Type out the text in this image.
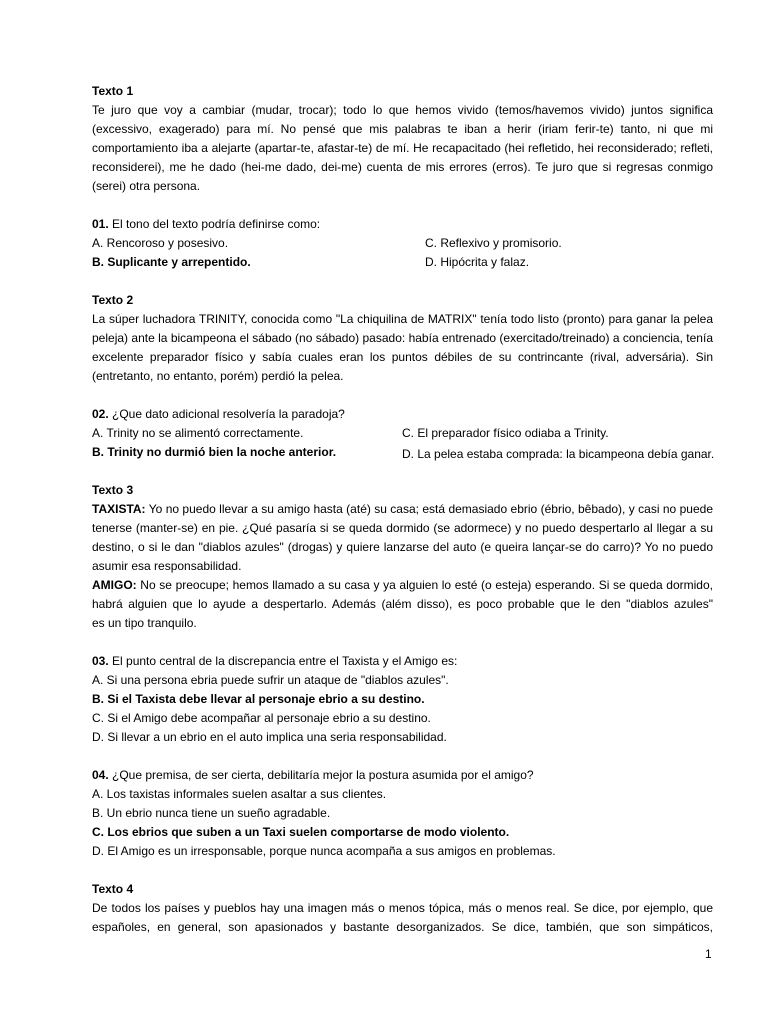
Texto 1
Te juro que voy a cambiar (mudar, trocar); todo lo que hemos vivido (temos/havemos vivido) juntos significa
(excessivo, exagerado) para mí. No pensé que mis palabras te iban a herir (iriam ferir-te) tanto, ni que mi
comportamiento iba a alejarte (apartar-te, afastar-te) de mí. He recapacitado (hei refletido, hei reconsiderado; refleti,
reconsiderei), me he dado (hei-me dado, dei-me) cuenta de mis errores (erros). Te juro que si regresas conmigo
(serei) otra persona.
01. El tono del texto podría definirse como:
A. Rencoroso y posesivo.	C. Reflexivo y promisorio.
B. Suplicante y arrepentido.	D. Hipócrita y falaz.
Texto 2
La súper luchadora TRINITY, conocida como "La chiquilina de MATRIX" tenía todo listo (pronto) para ganar la pelea
peleja) ante la bicampeona el sábado (no sábado) pasado: había entrenado (exercitado/treinado) a conciencia, tenía
excelente preparador físico y sabía cuales eran los puntos débiles de su contrincante (rival, adversária). Sin
(entretanto, no entanto, porém) perdió la pelea.
02. ¿Que dato adicional resolvería la paradoja?
A. Trinity no se alimentó correctamente.	C. El preparador físico odiaba a Trinity.
B. Trinity no durmió bien la noche anterior.	D. La pelea estaba comprada: la bicampeona debía ganar.
Texto 3
TAXISTA: Yo no puedo llevar a su amigo hasta (até) su casa; está demasiado ebrio (ébrio, bêbado), y casi no puede
tenerse (manter-se) en pie. ¿Qué pasaría si se queda dormido (se adormece) y no puedo despertarlo al llegar a su
destino, o si le dan "diablos azules" (drogas) y quiere lanzarse del auto (e queira lançar-se do carro)? Yo no puedo
asumir esa responsabilidad.
AMIGO: No se preocupe; hemos llamado a su casa y ya alguien lo esté (o esteja) esperando. Si se queda dormido,
habrá alguien que lo ayude a despertarlo. Además (além disso), es poco probable que le den "diablos azules"
es un tipo tranquilo.
03. El punto central de la discrepancia entre el Taxista y el Amigo es:
A. Si una persona ebria puede sufrir un ataque de "diablos azules".
B. Si el Taxista debe llevar al personaje ebrio a su destino.
C. Si el Amigo debe acompañar al personaje ebrio a su destino.
D. Si llevar a un ebrio en el auto implica una seria responsabilidad.
04. ¿Que premisa, de ser cierta, debilitaría mejor la postura asumida por el amigo?
A. Los taxistas informales suelen asaltar a sus clientes.
B. Un ebrio nunca tiene un sueño agradable.
C. Los ebrios que suben a un Taxi suelen comportarse de modo violento.
D. El Amigo es un irresponsable, porque nunca acompaña a sus amigos en problemas.
Texto 4
De todos los países y pueblos hay una imagen más o menos tópica, más o menos real. Se dice, por ejemplo, que
españoles, en general, son apasionados y bastante desorganizados. Se dice, también, que son simpáticos,
1
